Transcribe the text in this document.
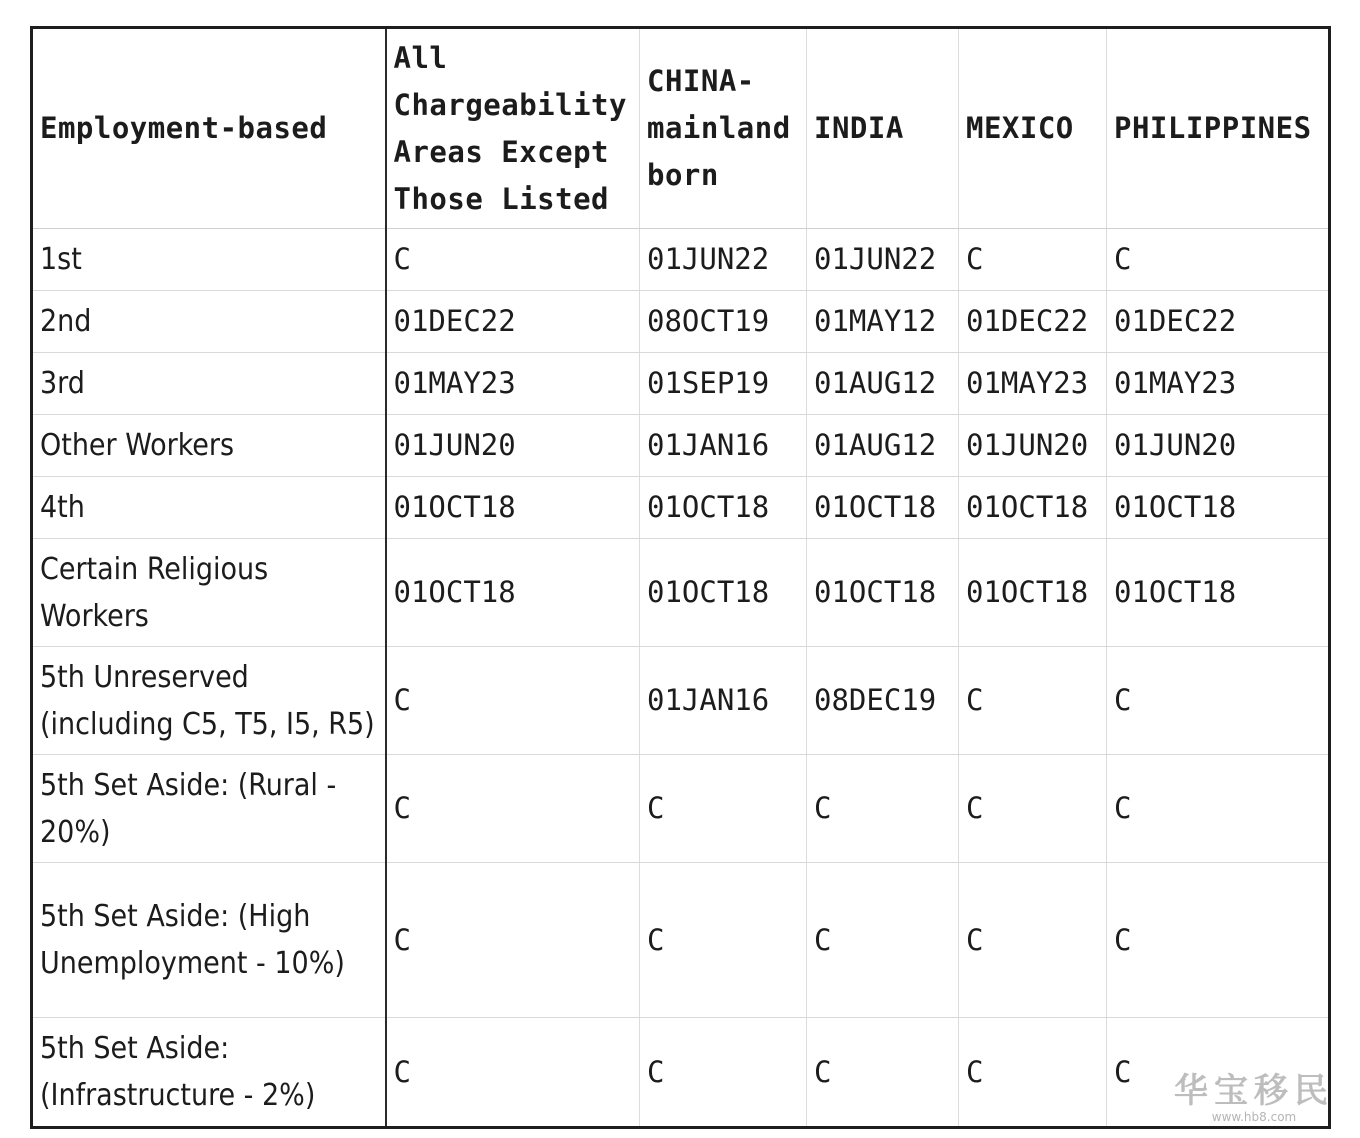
Employment-based	All Chargeability Areas Except Those Listed	CHINA-mainland born	INDIA	MEXICO	PHILIPPINES
1st	C	01JUN22	01JUN22	C	C
2nd	01DEC22	08OCT19	01MAY12	01DEC22	01DEC22
3rd	01MAY23	01SEP19	01AUG12	01MAY23	01MAY23
Other Workers	01JUN20	01JAN16	01AUG12	01JUN20	01JUN20
4th	01OCT18	01OCT18	01OCT18	01OCT18	01OCT18
Certain Religious Workers	01OCT18	01OCT18	01OCT18	01OCT18	01OCT18
5th Unreserved (including C5, T5, I5, R5)	C	01JAN16	08DEC19	C	C
5th Set Aside: (Rural - 20%)	C	C	C	C	C
5th Set Aside: (High Unemployment - 10%)	C	C	C	C	C
5th Set Aside: (Infrastructure - 2%)	C	C	C	C	C 华宝移民
www.hb8.com
